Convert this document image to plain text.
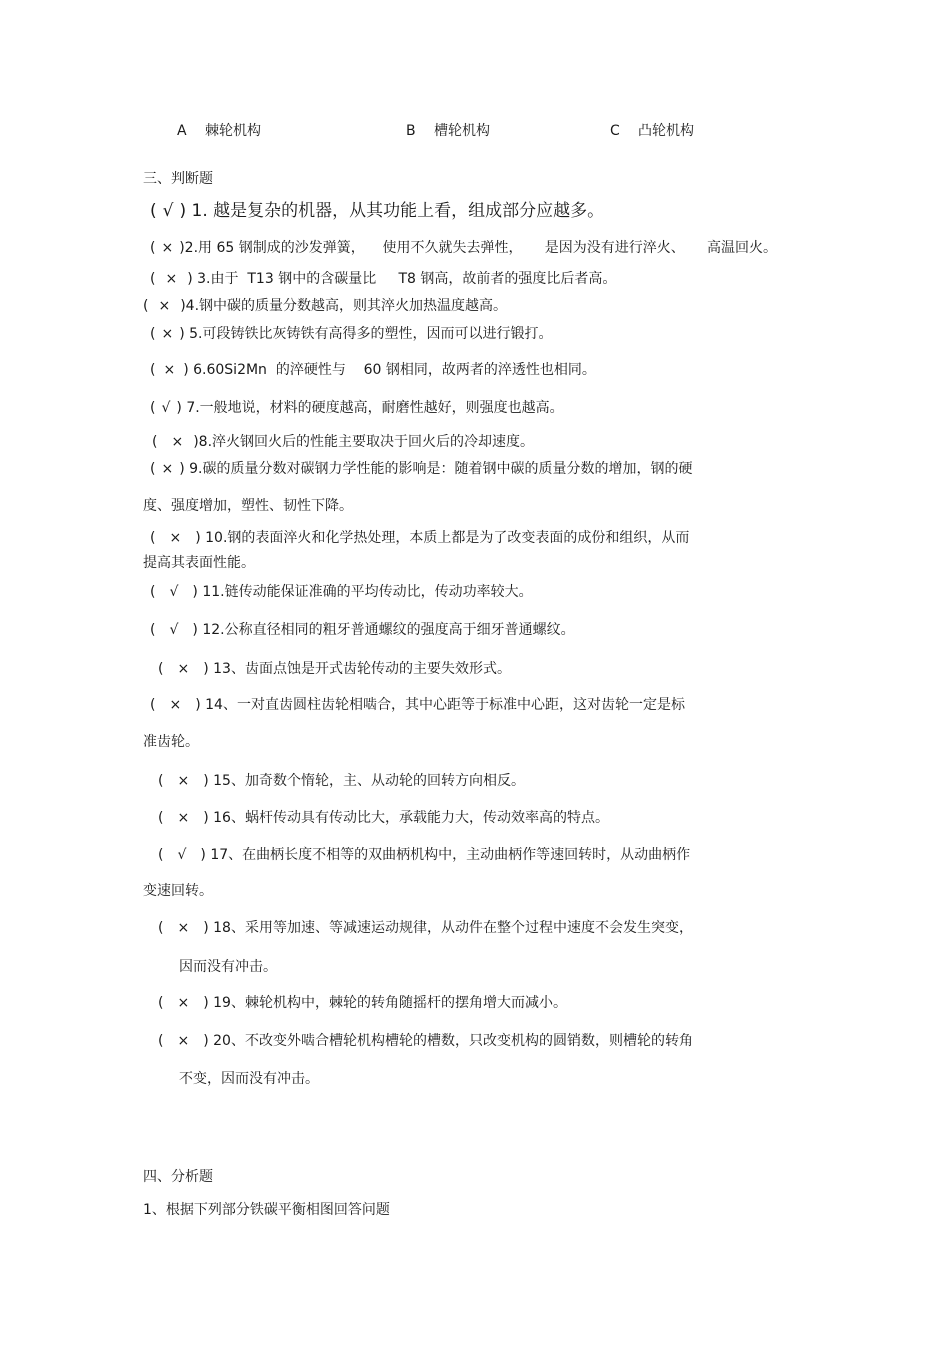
A 棘轮机构	B 槽轮机构	C 凸轮机构
三、判断题
( √ ) 1. 越是复杂的机器，从其功能上看，组成部分应越多。
( × )2.用 65 钢制成的沙发弹簧，    使用不久就失去弹性，     是因为没有进行淬火、     高温回火。
( × ) 3.由于  T13 钢中的含碳量比     T8 钢高，故前者的强度比后者高。
( × )4.钢中碳的质量分数越高，则其淬火加热温度越高。
( × ) 5.可段铸铁比灰铸铁有高得多的塑性，因而可以进行锻打。
( × ) 6.60Si2Mn  的淬硬性与    60 钢相同，故两者的淬透性也相同。
( √ ) 7.一般地说，材料的硬度越高，耐磨性越好，则强度也越高。
( × )8.淬火钢回火后的性能主要取决于回火后的冷却速度。
( × ) 9.碳的质量分数对碳钢力学性能的影响是：随着钢中碳的质量分数的增加，钢的硬
度、强度增加，塑性、韧性下降。
( × ) 10.钢的表面淬火和化学热处理，本质上都是为了改变表面的成份和组织，从而
提高其表面性能。
( √ ) 11.链传动能保证准确的平均传动比，传动功率较大。
( √ ) 12.公称直径相同的粗牙普通螺纹的强度高于细牙普通螺纹。
( × ) 13、齿面点蚀是开式齿轮传动的主要失效形式。
( × ) 14、一对直齿圆柱齿轮相啮合，其中心距等于标准中心距，这对齿轮一定是标
准齿轮。
( × ) 15、加奇数个惰轮，主、从动轮的回转方向相反。
( × ) 16、蜗杆传动具有传动比大，承载能力大，传动效率高的特点。
( √ ) 17、在曲柄长度不相等的双曲柄机构中，主动曲柄作等速回转时，从动曲柄作
变速回转。
( × ) 18、采用等加速、等减速运动规律，从动件在整个过程中速度不会发生突变，
因而没有冲击。
( × ) 19、棘轮机构中，棘轮的转角随摇杆的摆角增大而减小。
( × ) 20、不改变外啮合槽轮机构槽轮的槽数，只改变机构的圆销数，则槽轮的转角
不变，因而没有冲击。
四、分析题
1、根据下列部分铁碳平衡相图回答问题
